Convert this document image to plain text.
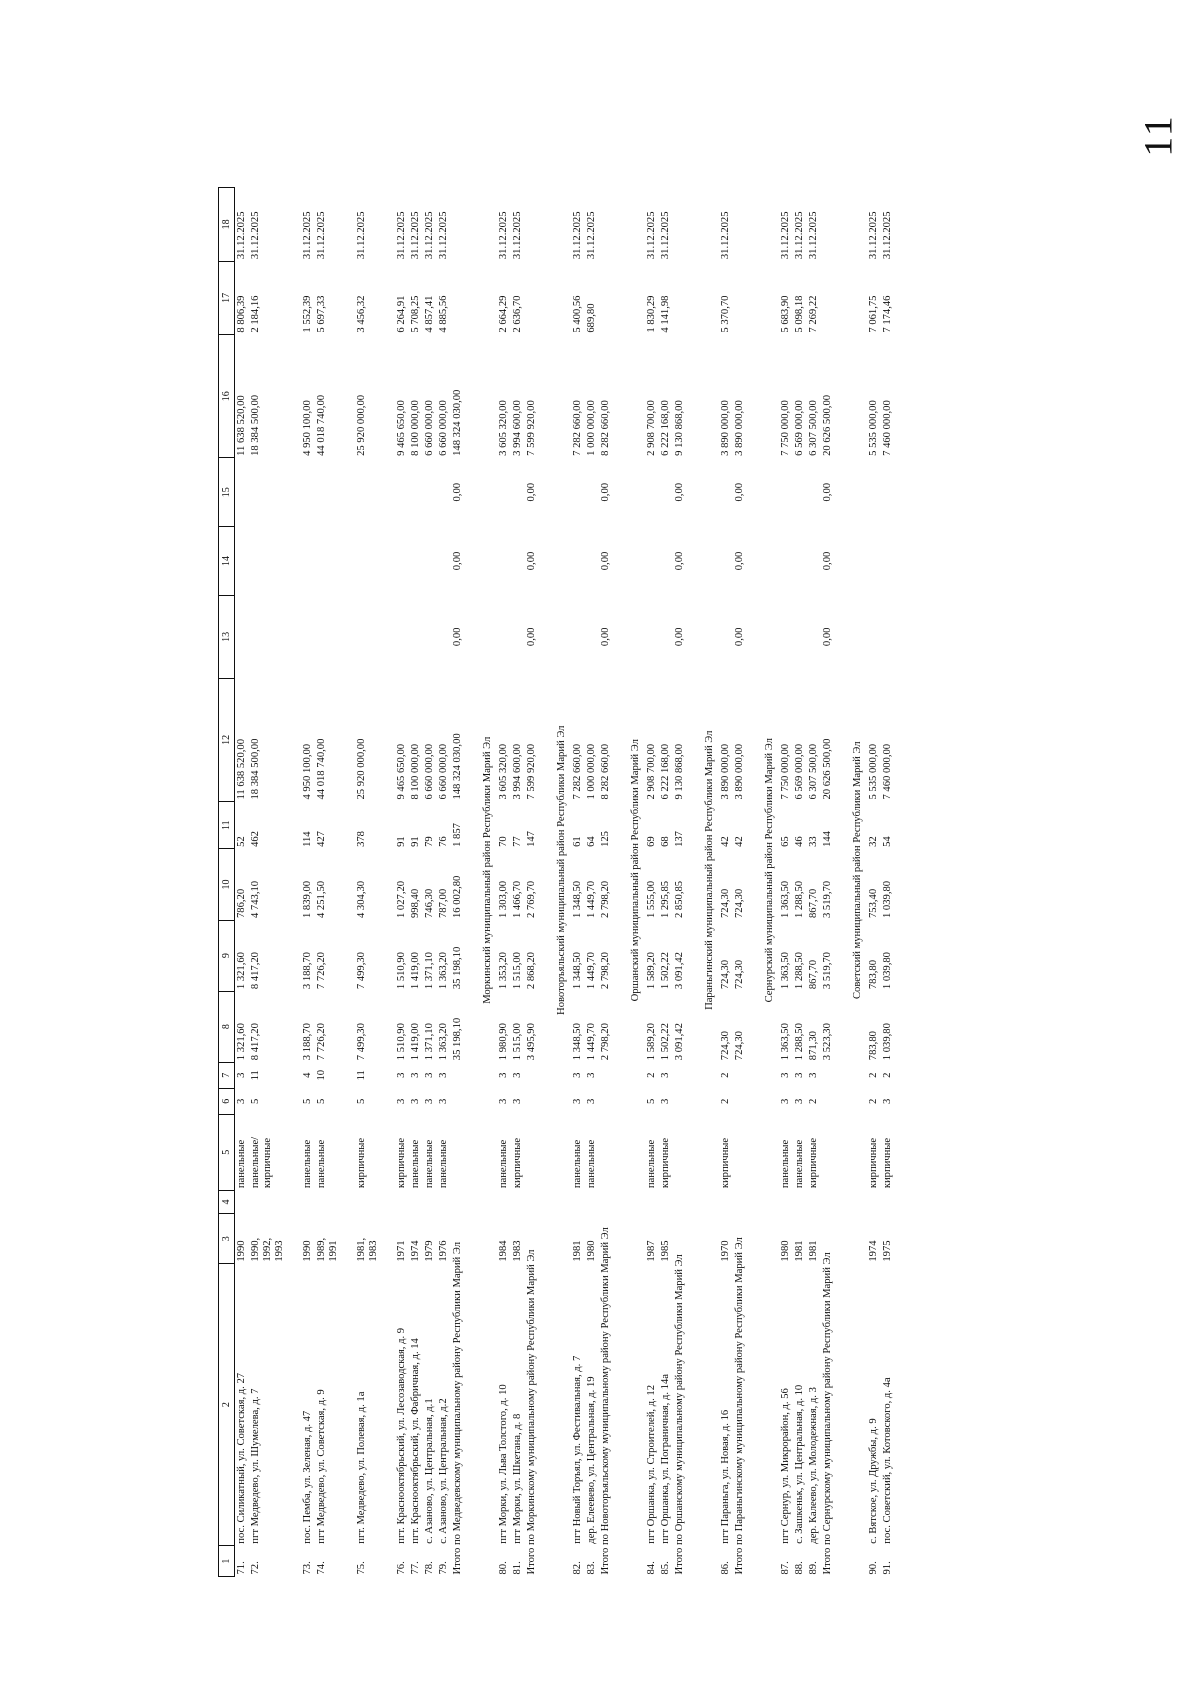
11
1	2	3	4	5	6	7	8	9	10	11	12	13	14	15	16	17	18
71.	пос. Силикатный, ул. Советская, д. 27	1990		панельные	3	3	1 321,60	1 321,60	786,20	52	11 638 520,00				11 638 520,00	8 806,39	31.12.2025
72.	пгт Медведево, ул. Шумелева, д. 7	1990, 1992, 1993		панельные/ кирпичные	5	11	8 417,20	8 417,20	4 743,10	462	18 384 500,00				18 384 500,00	2 184,16	31.12.2025

73.	пос. Пемба, ул. Зеленая, д. 47	1990		панельные	5	4	3 188,70	3 188,70	1 839,00	114	4 950 100,00				4 950 100,00	1 552,39	31.12.2025
74.	пгт Медведево, ул. Советская, д. 9	1989, 1991		панельные	5	10	7 726,20	7 726,20	4 251,50	427	44 018 740,00				44 018 740,00	5 697,33	31.12.2025

75.	пгт. Медведево, ул. Полевая, д. 1а	1981, 1983		кирпичные	5	11	7 499,30	7 499,30	4 304,30	378	25 920 000,00				25 920 000,00	3 456,32	31.12.2025

76.	пгт. Краснооктябрьский, ул. Лесозаводская, д. 9	1971		кирпичные	3	3	1 510,90	1 510,90	1 027,20	91	9 465 650,00				9 465 650,00	6 264,91	31.12.2025
77.	пгт. Краснооктябрьский, ул. Фабричная, д. 14	1974		панельные	3	3	1 419,00	1 419,00	998,40	91	8 100 000,00				8 100 000,00	5 708,25	31.12.2025
78.	с. Азаново, ул. Центральная, д.1	1979		панельные	3	3	1 371,10	1 371,10	746,30	79	6 660 000,00				6 660 000,00	4 857,41	31.12.2025
79.	с. Азаново, ул. Центральная, д.2	1976		панельные	3	3	1 363,20	1 363,20	787,00	76	6 660 000,00				6 660 000,00	4 885,56	31.12.2025
Итого по Медведевскому муниципальному району Республики Марий Эл							35 198,10	35 198,10	16 002,80	1 857	148 324 030,00	0,00	0,00	0,00	148 324 030,00		
							Моркинский муниципальный район Республики Марий Эл										
80.	пгт Морки, ул. Льва Толстого, д. 10	1984		панельные	3	3	1 980,90	1 353,20	1 303,00	70	3 605 320,00				3 605 320,00	2 664,29	31.12.2025
81.	пгт Морки, ул. Шкетана, д. 8	1983		кирпичные	3	3	1 515,00	1 515,00	1 466,70	77	3 994 600,00				3 994 600,00	2 636,70	31.12.2025
Итого по Моркинскому муниципальному району Республики Марий Эл							3 495,90	2 868,20	2 769,70	147	7 599 920,00	0,00	0,00	0,00	7 599 920,00		
							Новоторъяльский муниципальный район Республики Марий Эл										
82.	пгт Новый Торъял, ул. Фестивальная, д. 7	1981		панельные	3	3	1 348,50	1 348,50	1 348,50	61	7 282 660,00				7 282 660,00	5 400,56	31.12.2025
83.	дер. Елеевево, ул. Центральная, д. 19	1980		панельные	3	3	1 449,70	1 449,70	1 449,70	64	1 000 000,00				1 000 000,00	689,80	31.12.2025
Итого по Новоторъяльскому муниципальному району Республики Марий Эл							2 798,20	2 798,20	2 798,20	125	8 282 660,00	0,00	0,00	0,00	8 282 660,00		
							Оршанский муниципальный район Республики Марий Эл										
84.	пгт Оршанка, ул. Строителей, д. 12	1987		панельные	5	2	1 589,20	1 589,20	1 555,00	69	2 908 700,00				2 908 700,00	1 830,29	31.12.2025
85.	пгт Оршанка, ул. Пограничная, д. 14а	1985		кирпичные	3	3	1 502,22	1 502,22	1 295,85	68	6 222 168,00				6 222 168,00	4 141,98	31.12.2025
Итого по Оршанскому муниципальному району Республики Марий Эл							3 091,42	3 091,42	2 850,85	137	9 130 868,00	0,00	0,00	0,00	9 130 868,00		
							Параньгинский муниципальный район Республики Марий Эл										
86.	пгт Параньга, ул. Новая, д. 16	1970		кирпичные	2	2	724,30	724,30	724,30	42	3 890 000,00				3 890 000,00	5 370,70	31.12.2025
Итого по Параньгинскому муниципальному району Республики Марий Эл							724,30	724,30	724,30	42	3 890 000,00	0,00	0,00	0,00	3 890 000,00		
							Сернурский муниципальный район Республики Марий Эл										
87.	пгт Сернур, ул. Микрорайон, д. 56	1980		панельные	3	3	1 363,50	1 363,50	1 363,50	65	7 750 000,00				7 750 000,00	5 683,90	31.12.2025
88.	с. Зашкеньк, ул. Центральная, д. 10	1981		панельные	3	3	1 288,50	1 288,50	1 288,50	46	6 569 000,00				6 569 000,00	5 098,18	31.12.2025
89.	дер. Калеево, ул. Молодежная, д. 3	1981		кирпичные	2	3	871,30	867,70	867,70	33	6 307 500,00				6 307 500,00	7 269,22	31.12.2025
Итого по Сернурскому муниципальному району Республики Марий Эл							3 523,30	3 519,70	3 519,70	144	20 626 500,00	0,00	0,00	0,00	20 626 500,00		
							Советский муниципальный район Республики Марий Эл										
90.	с. Вятское, ул. Дружбы, д. 9	1974		кирпичные	2	2	783,80	783,80	753,40	32	5 535 000,00				5 535 000,00	7 061,75	31.12.2025
91.	пос. Советский, ул. Котовского, д. 4а	1975		кирпичные	3	2	1 039,80	1 039,80	1 039,80	54	7 460 000,00				7 460 000,00	7 174,46	31.12.2025
